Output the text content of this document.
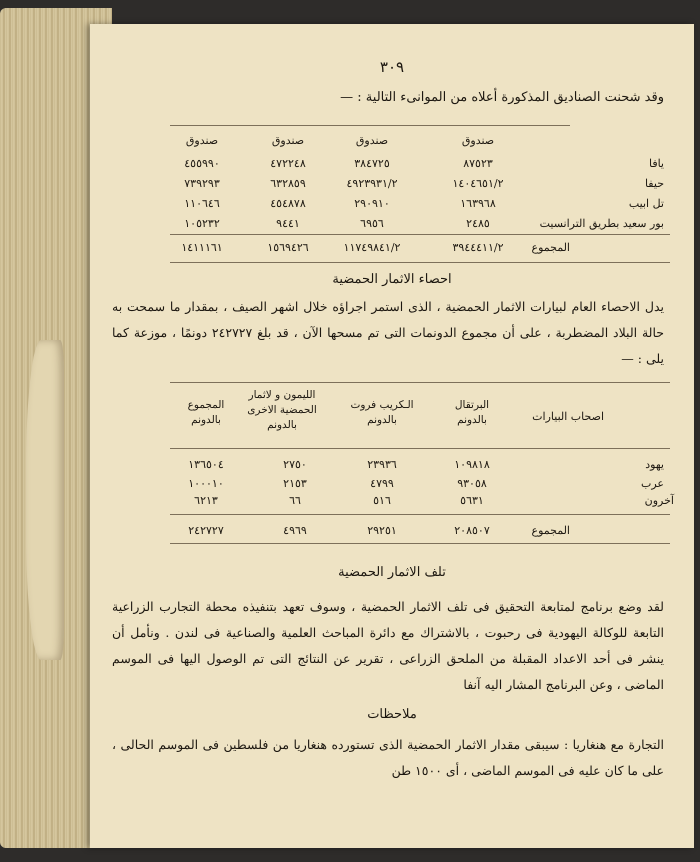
٣٠٩
وقد شحنت الصناديق المذكورة أعلاه من الموانىء التالية : —
صندوق
صندوق
صندوق
صندوق
يافا
٨٧٥٢٣
٣٨٤٧٢٥
٤٧٢٢٤٨
٤٥٥٩٩٠
حيفا
١٤٠٤٦٥١/٢
٤٩٢٣٩٣١/٢
٦٣٢٨٥٩
٧٣٩٢٩٣
تل ابيب
١٦٣٩٦٨
٢٩٠٩١٠
٤٥٤٨٧٨
١١٠٦٤٦
بور سعيد بطريق الترانسيت
٢٤٨٥
٦٩٥٦
٩٤٤١
١٠٥٢٣٢
المجموع
٣٩٤٤٤١١/٢
١١٧٤٩٨٤١/٢
١٥٦٩٤٢٦
١٤١١١٦١
احصاء الاثمار الحمضية
يدل الاحصاء العام لبيارات الاثمار الحمضية ، الذى استمر اجراؤه خلال اشهر الصيف ، بمقدار ما سمحت به حالة البلاد المضطربة ، على أن مجموع الدونمات التى تم مسحها الآن ، قد بلغ ٢٤٢٧٢٧ دونمًا ، موزعة كما يلى : —
اصحاب البيارات
البرتقال
بالدونم
الـكريب فروت
بالدونم
الليمون و لاثمار الحمضية الاخرى
بالدونم
المجموع
بالدونم
يهود
١٠٩٨١٨
٢٣٩٣٦
٢٧٥٠
١٣٦٥٠٤
عرب
٩٣٠٥٨
٤٧٩٩
٢١٥٣
١٠٠٠١٠
آخرون
٥٦٣١
٥١٦
٦٦
٦٢١٣
المجموع
٢٠٨٥٠٧
٢٩٢٥١
٤٩٦٩
٢٤٢٧٢٧
تلف الاثمار الحمضية
لقد وضع برنامج لمتابعة التحقيق فى تلف الاثمار الحمضية ، وسوف تعهد بتنفيذه محطة التجارب الزراعية التابعة للوكالة اليهودية فى رحبوت ، بالاشتراك مع دائرة المباحث العلمية والصناعية فى لندن . ونأمل أن ينشر فى أحد الاعداد المقبلة من الملحق الزراعى ، تقرير عن النتائج التى تم الوصول اليها فى الموسم الماضى ، وعن البرنامج المشار اليه آنفا
ملاحظات
التجارة مع هنغاريا : سيبقى مقدار الاثمار الحمضية الذى تستورده هنغاريا من فلسطين فى الموسم الحالى ، على ما كان عليه فى الموسم الماضى ، أى ١٥٠٠ طن
